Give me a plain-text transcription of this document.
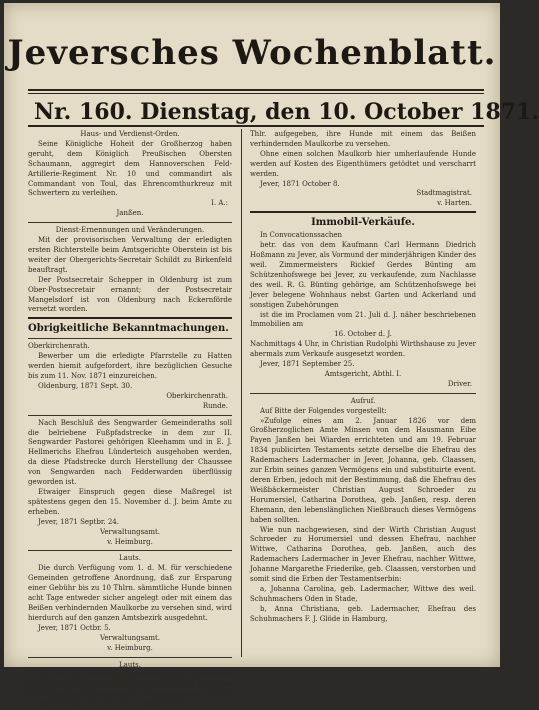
Jeversches Wochenblatt.
Nr. 160. Dienstag, den 10. October 1871.

Haus- und Verdienst-Orden.

Seine Königliche Hoheit der Großherzog haben geruht, dem Königlich Preußischen Obersten Schaumann, aggregirt dem Hannoverschen Feld-Artillerie-Regiment Nr. 10 und commandirt als Commandant von Toul, das Ehrencomthurkreuz mit Schwertern zu verleihen.

I. A.:

Janßen.

Dienst-Ernennungen und Veränderungen.

Mit der provisorischen Verwaltung der erledigten ersten Richterstelle beim Amtsgerichte Oberstein ist bis weiter der Obergerichts-Secretair Schildt zu Birkenfeld beauftragt.

Der Postsecretair Schepper in Oldenburg ist zum Ober-Postsecretair ernannt; der Postsecretair Mangelsdorf ist von Oldenburg nach Eckernförde versetzt worden.

Obrigkeitliche Bekanntmachungen.

Oberkirchenrath.

Bewerber um die erledigte Pfarrstelle zu Hatten werden hiemit aufgefordert, ihre bezüglichen Gesuche bis zum 11. Nov. 1871 einzureichen.

Oldenburg, 1871 Sept. 30.

Oberkirchenrath.

Runde.

Nach Beschluß des Sengwarder Gemeinderaths soll die belriebene Fußpfadstrecke in dem zur II. Sengwarder Pastorei gehörigen Kleehamm und in E. J. Hellmerichs Ehefrau Lünderteich ausgehoben werden, da diese Pfadstrecke durch Herstellung der Chaussee von Sengwarden nach Fedderwarden überflüssig geworden ist.

Etwaiger Einspruch gegen diese Maßregel ist spätestens gegen den 15. November d. J. beim Amte zu erheben.

Jever, 1871 Septbr. 24.

Verwaltungsamt.

v. Heimburg.

Lauts.

Die durch Verfügung vom 1. d. M. für verschiedene Gemeinden getroffene Anordnung, daß zur Ersparung einer Gebühr bis zu 10 Thlrn. sämmtliche Hunde binnen acht Tage entweder sicher angelegt oder mit einem das Beißen verhindernden Maulkorbe zu versehen sind, wird hierdurch auf den ganzen Amtsbezirk ausgedehnt.

Jever, 1871 Octbr. 5.

Verwaltungsamt.

v. Heimburg.

Lauts.

Da sich in mehreren Gemeinden des Amtsbezirks Jever der Tollwuth verdächtige Hunde gezeigt haben, so wird hierdurch sämmtlichen Hundebesitzern in der Stadtgemeinde Jever bei einer Geldstrafe bis zu 10

Thlr. aufgegeben, ihre Hunde mit einem das Beißen verhindernden Maulkorbe zu versehen.

Ohne einen solchen Maulkorb hier umherlaufende Hunde werden auf Kosten des Eigenthümers getödtet und verscharrt werden.

Jever, 1871 October 8.

Stadtmagistrat.

v. Harten.

Immobil-Verkäufe.

In Convocationssachen

betr. das von dem Kaufmann Carl Hermann Diedrich Hoßmann zu Jever, als Vormund der minderjährigen Kinder des weil. Zimmermeisters Rickief Gerdes Bünting am Schützenhofswege bei Jever, zu verkaufende, zum Nachlasse des weil. R. G. Bünting gehörige, am Schützenhofswege bei Jever belegene Wohnhaus nebst Garten und Ackerland und sonstigen Zubehörungen

ist die im Proclamen vom 21. Juli d. J. näher beschriebenen Immobilien am

16. October d. J.

Nachmittags 4 Uhr, in Christian Rudolphi Wirthshause zu Jever abermals zum Verkaufe ausgesetzt worden.

Jever, 1871 September 25.

Amtsgericht, Abthl. I.

Driver.

Aufruf.

Auf Bitte der Folgendes vorgestellt:

»Zufolge eines am 2. Januar 1826 vor dem Großherzoglichen Amte Minsen von dem Hausmann Eibe Payen Janßen bei Wiarden errichteten und am 19. Februar 1834 publicirten Testaments setzte derselbe die Ehefrau des Rademachers Ladermacher in Jever, Johanna, geb. Claassen, zur Erbin seines ganzen Vermögens ein und substituirte event. deren Erben, jedoch mit der Bestimmung, daß die Ehefrau des Weißbäckermeister Christian August Schroeder zu Horumersiel, Catharina Dorothea, geb. Janßen, resp. deren Ehemann, den lebenslänglichen Nießbrauch dieses Vermögens haben sollten.

Wie nun nachgewiesen, sind der Wirth Christian August Schroeder zu Horumersiel und dessen Ehefrau, nachher Wittwe, Catharina Dorothea, geb. Janßen, auch des Rademachers Ladermacher in Jever Ehefrau, nachher Wittwe, Johanne Margarethe Friederike, geb. Claassen, verstorben und somit sind die Erben der Testamentserbin:

a, Johanna Carolina, geb. Ladermacher, Wittwe des weil. Schuhmachers Oden in Stade,

b, Anna Christiana, geb. Ladermacher, Ehefrau des Schuhmachers F. J. Glöde in Hamburg,
